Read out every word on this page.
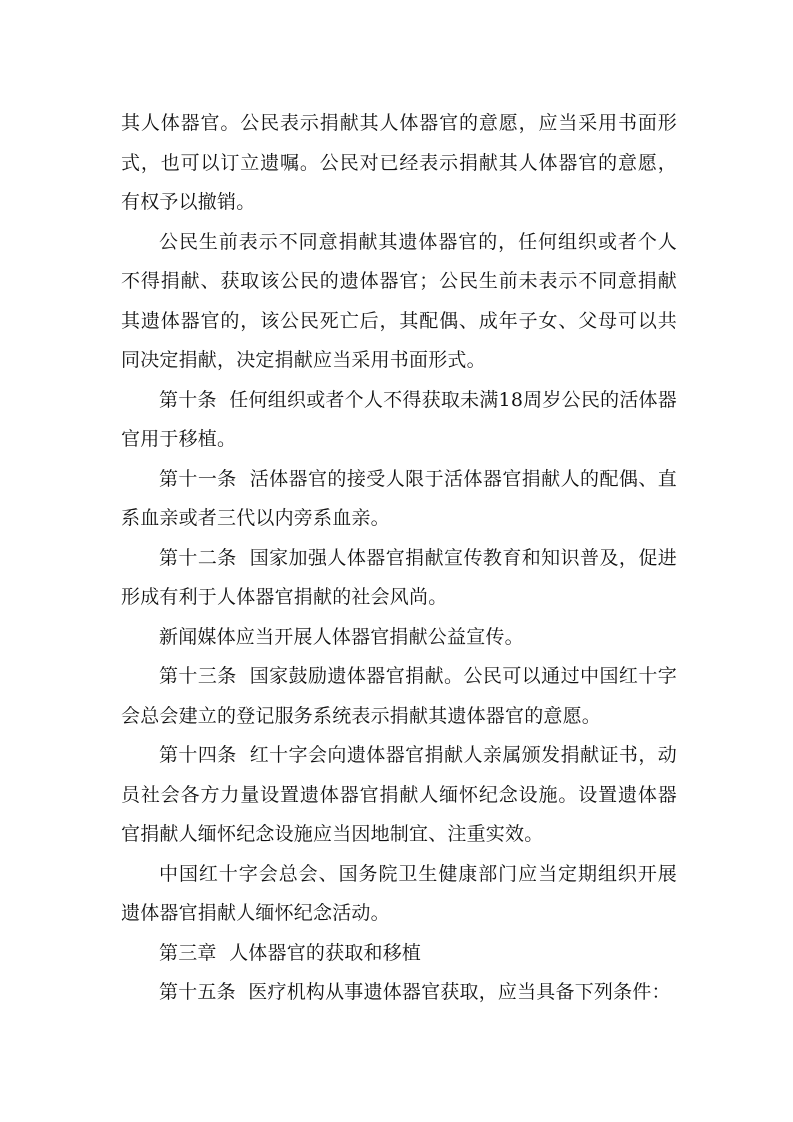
其人体器官。公民表示捐献其人体器官的意愿，应当采用书面形式，也可以订立遗嘱。公民对已经表示捐献其人体器官的意愿，有权予以撤销。

公民生前表示不同意捐献其遗体器官的，任何组织或者个人不得捐献、获取该公民的遗体器官；公民生前未表示不同意捐献其遗体器官的，该公民死亡后，其配偶、成年子女、父母可以共同决定捐献，决定捐献应当采用书面形式。

第十条 任何组织或者个人不得获取未满18周岁公民的活体器官用于移植。

第十一条 活体器官的接受人限于活体器官捐献人的配偶、直系血亲或者三代以内旁系血亲。

第十二条 国家加强人体器官捐献宣传教育和知识普及，促进形成有利于人体器官捐献的社会风尚。

新闻媒体应当开展人体器官捐献公益宣传。

第十三条 国家鼓励遗体器官捐献。公民可以通过中国红十字会总会建立的登记服务系统表示捐献其遗体器官的意愿。

第十四条 红十字会向遗体器官捐献人亲属颁发捐献证书，动员社会各方力量设置遗体器官捐献人缅怀纪念设施。设置遗体器官捐献人缅怀纪念设施应当因地制宜、注重实效。

中国红十字会总会、国务院卫生健康部门应当定期组织开展遗体器官捐献人缅怀纪念活动。

第三章 人体器官的获取和移植

第十五条 医疗机构从事遗体器官获取，应当具备下列条件：
